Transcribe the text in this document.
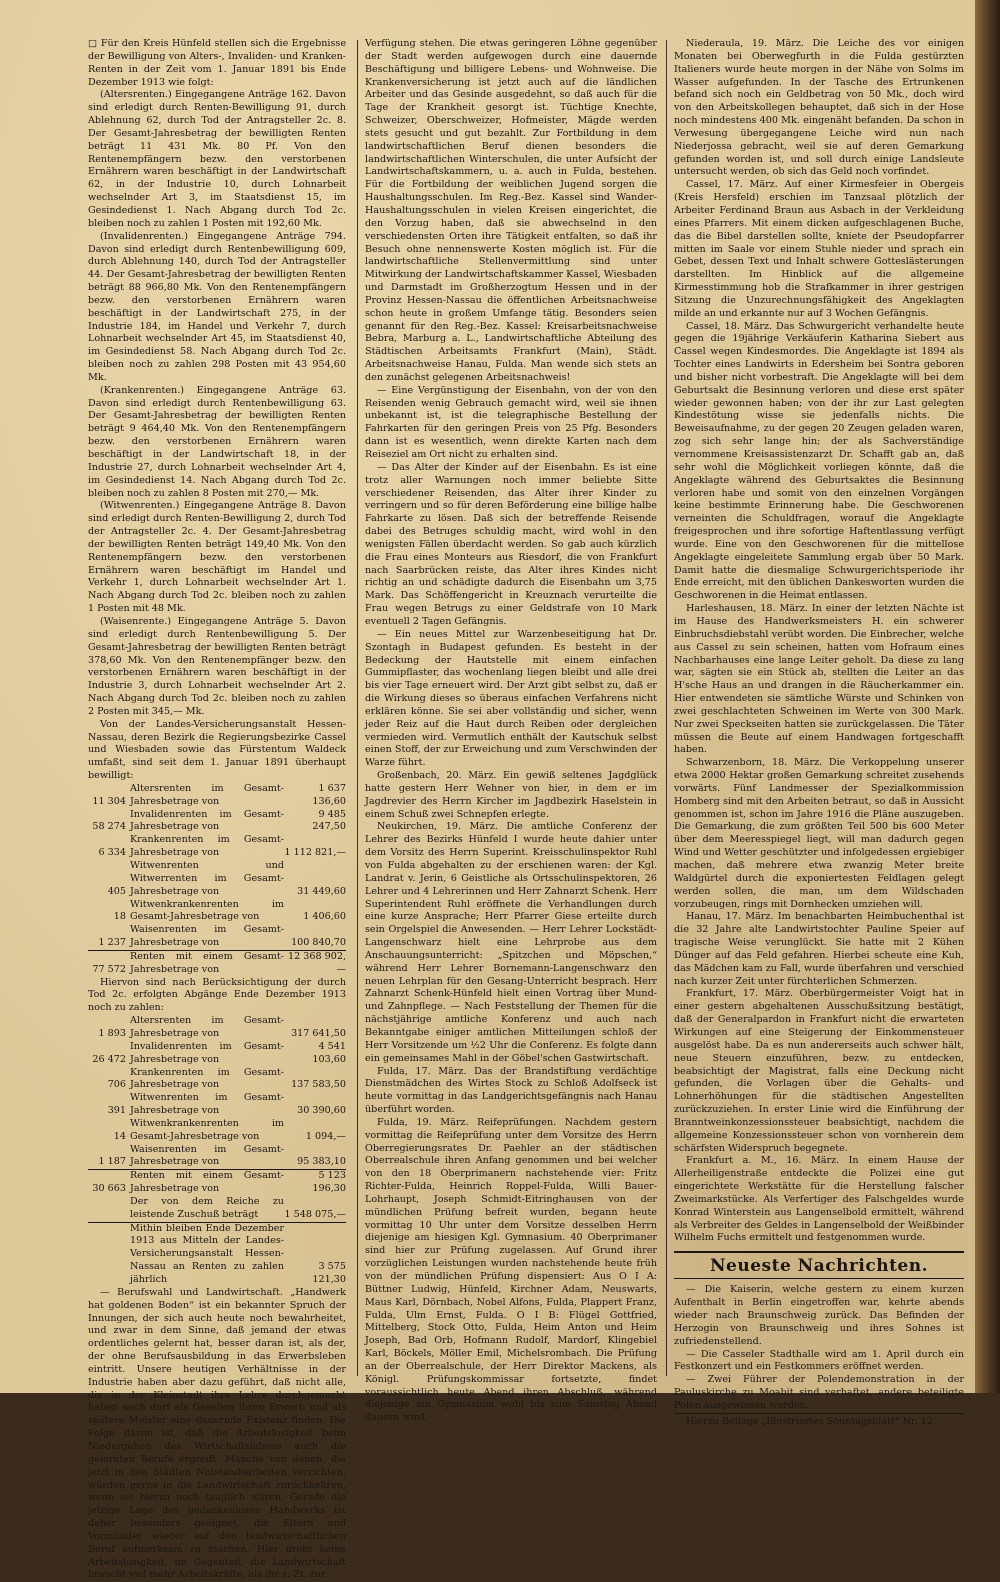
□ Für den Kreis Hünfeld stellen sich die Ergebnisse der Bewilligung von Alters-, Invaliden- und Kranken-Renten in der Zeit vom 1. Januar 1891 bis Ende Dezember 1913 wie folgt:

(Altersrenten.) Eingegangene Anträge 162. Davon sind erledigt durch Renten-Bewilligung 91, durch Ablehnung 62, durch Tod der Antragsteller 2c. 8. Der Gesamt-Jahresbetrag der bewilligten Renten beträgt 11 431 Mk. 80 Pf. Von den Rentenempfängern bezw. den verstorbenen Ernährern waren beschäftigt in der Landwirtschaft 62, in der Industrie 10, durch Lohnarbeit wechselnder Art 3, im Staatsdienst 15, im Gesindedienst 1. Nach Abgang durch Tod 2c. bleiben noch zu zahlen 1 Posten mit 192,60 Mk.

(Invalidenrenten.) Eingegangene Anträge 794. Davon sind erledigt durch Rentenbewilligung 609, durch Ablehnung 140, durch Tod der Antragsteller 44. Der Gesamt-Jahresbetrag der bewilligten Renten beträgt 88 966,80 Mk. Von den Rentenempfängern bezw. den verstorbenen Ernährern waren beschäftigt in der Landwirtschaft 275, in der Industrie 184, im Handel und Verkehr 7, durch Lohnarbeit wechselnder Art 45, im Staatsdienst 40, im Gesindedienst 58. Nach Abgang durch Tod 2c. bleiben noch zu zahlen 298 Posten mit 43 954,60 Mk.

(Krankenrenten.) Eingegangene Anträge 63. Davon sind erledigt durch Rentenbewilligung 63. Der Gesamt-Jahresbetrag der bewilligten Renten beträgt 9 464,40 Mk. Von den Rentenempfängern bezw. den verstorbenen Ernährern waren beschäftigt in der Landwirtschaft 18, in der Industrie 27, durch Lohnarbeit wechselnder Art 4, im Gesindedienst 14. Nach Abgang durch Tod 2c. bleiben noch zu zahlen 8 Posten mit 270,— Mk.

(Witwenrenten.) Eingegangene Anträge 8. Davon sind erledigt durch Renten-Bewilligung 2, durch Tod der Antragsteller 2c. 4. Der Gesamt-Jahresbetrag der bewilligten Renten beträgt 149,40 Mk. Von den Rentenempfängern bezw. den verstorbenen Ernährern waren beschäftigt im Handel und Verkehr 1, durch Lohnarbeit wechselnder Art 1. Nach Abgang durch Tod 2c. bleiben noch zu zahlen 1 Posten mit 48 Mk.

(Waisenrente.) Eingegangene Anträge 5. Davon sind erledigt durch Rentenbewilligung 5. Der Gesamt-Jahresbetrag der bewilligten Renten beträgt 378,60 Mk. Von den Rentenempfänger bezw. den verstorbenen Ernährern waren beschäftigt in der Industrie 3, durch Lohnarbeit wechselnder Art 2. Nach Abgang durch Tod 2c. bleiben noch zu zahlen 2 Posten mit 345,— Mk.

Von der Landes-Versicherungsanstalt Hessen-Nassau, deren Bezirk die Regierungsbezirke Cassel und Wiesbaden sowie das Fürstentum Waldeck umfaßt, sind seit dem 1. Januar 1891 überhaupt bewilligt:

11 304	Altersrenten im Gesamt-Jahresbetrage von	1 637 136,60
58 274	Invalidenrenten im Gesamt-Jahresbetrage von	9 485 247,50
6 334	Krankenrenten im Gesamt-Jahresbetrage von	1 112 821,—
405	Witwenrenten und Witwerrenten im Gesamt-Jahresbetrage von	31 449,60
18	Witwenkrankenrenten im Gesamt-Jahresbetrage von	1 406,60
1 237	Waisenrenten im Gesamt-Jahresbetrage von	100 840,70
77 572	Renten mit einem Gesamt-Jahresbetrage von	12 368 902,—

Hiervon sind nach Berücksichtigung der durch Tod 2c. erfolgten Abgänge Ende Dezember 1913 noch zu zahlen:

1 893	Altersrenten im Gesamt-Jahresbetrage von	317 641,50
26 472	Invalidenrenten im Gesamt-Jahresbetrage von	4 541 103,60
706	Krankenrenten im Gesamt-Jahresbetrage von	137 583,50
391	Witwenrenten im Gesamt-Jahresbetrage von	30 390,60
14	Witwenkrankenrenten im Gesamt-Jahresbetrage von	1 094,—
1 187	Waisenrenten im Gesamt-Jahresbetrage von	95 383,10
30 663	Renten mit einem Gesamt-Jahresbetrage von	5 123 196,30
	Der von dem Reiche zu leistende Zuschuß beträgt	1 548 075,—
	Mithin bleiben Ende Dezember 1913 aus Mitteln der Landes-Versicherungsanstalt Hessen-Nassau an Renten zu zahlen jährlich	3 575 121,30

— Berufswahl und Landwirtschaft. „Handwerk hat goldenen Boden“ ist ein bekannter Spruch der Innungen, der sich auch heute noch bewahrheitet, und zwar in dem Sinne, daß jemand der etwas ordentliches gelernt hat, besser daran ist, als der, der ohne Berufsausbildung in das Erwerbsleben eintritt. Unsere heutigen Verhältnisse in der Industrie haben aber dazu geführt, daß nicht alle, die in der Kleinstadt ihre Lehre durchgemacht haben auch dort als Gesellen ihren Erwerb und als spätere Meister eine dauernde Existenz finden. Die Folge davon ist, daß die Arbeitslosigkeit beim Niedergehen des Wirtschaftslebens auch die gelernten Berufe ergreift. Manche von denen, die jetzt in den Städten Notstandsarbeiten verrichten, würden gerne in die Landwirtschaft zurückkehren, wenn sie hierzu noch tauglich wären. Gerade die jetzige Lage des gedankenlosen Handwerks ist daher besonders geeignet, die Eltern und Vormünder wieder auf den landwirtschaftlichen Beruf aufmerksam zu machen. Hier droht keine Arbeitslosigkeit, im Gegenteil, die Landwirtschaft braucht viel mehr Arbeitskräfte, als ihr z. Zt. zur

Verfügung stehen. Die etwas geringeren Löhne gegenüber der Stadt werden aufgewogen durch eine dauernde Beschäftigung und billigere Lebens- und Wohnweise. Die Krankenversicherung ist jetzt auch auf die ländlichen Arbeiter und das Gesinde ausgedehnt, so daß auch für die Tage der Krankheit gesorgt ist. Tüchtige Knechte, Schweizer, Oberschweizer, Hofmeister, Mägde werden stets gesucht und gut bezahlt. Zur Fortbildung in dem landwirtschaftlichen Beruf dienen besonders die landwirtschaftlichen Winterschulen, die unter Aufsicht der Landwirtschaftskammern, u. a. auch in Fulda, bestehen. Für die Fortbildung der weiblichen Jugend sorgen die Haushaltungsschulen. Im Reg.-Bez. Kassel sind Wander-Haushaltungsschulen in vielen Kreisen eingerichtet, die den Vorzug haben, daß sie abwechselnd in den verschiedensten Orten ihre Tätigkeit entfalten, so daß ihr Besuch ohne nennenswerte Kosten möglich ist. Für die landwirtschaftliche Stellenvermittlung sind unter Mitwirkung der Landwirtschaftskammer Kassel, Wiesbaden und Darmstadt im Großherzogtum Hessen und in der Provinz Hessen-Nassau die öffentlichen Arbeitsnachweise schon heute in großem Umfange tätig. Besonders seien genannt für den Reg.-Bez. Kassel: Kreisarbeitsnachweise Bebra, Marburg a. L., Landwirtschaftliche Abteilung des Städtischen Arbeitsamts Frankfurt (Main), Städt. Arbeitsnachweise Hanau, Fulda. Man wende sich stets an den zunächst gelegenen Arbeitsnachweis!

— Eine Vergünstigung der Eisenbahn, von der von den Reisenden wenig Gebrauch gemacht wird, weil sie ihnen unbekannt ist, ist die telegraphische Bestellung der Fahrkarten für den geringen Preis von 25 Pfg. Besonders dann ist es wesentlich, wenn direkte Karten nach dem Reiseziel am Ort nicht zu erhalten sind.

— Das Alter der Kinder auf der Eisenbahn. Es ist eine trotz aller Warnungen noch immer beliebte Sitte verschiedener Reisenden, das Alter ihrer Kinder zu verringern und so für deren Beförderung eine billige halbe Fahrkarte zu lösen. Daß sich der betreffende Reisende dabei des Betruges schuldig macht, wird wohl in den wenigsten Fällen überdacht werden. So gab auch kürzlich die Frau eines Monteurs aus Riesdorf, die von Frankfurt nach Saarbrücken reiste, das Alter ihres Kindes nicht richtig an und schädigte dadurch die Eisenbahn um 3,75 Mark. Das Schöffengericht in Kreuznach verurteilte die Frau wegen Betrugs zu einer Geldstrafe von 10 Mark eventuell 2 Tagen Gefängnis.

— Ein neues Mittel zur Warzenbeseitigung hat Dr. Szontagh in Budapest gefunden. Es besteht in der Bedeckung der Hautstelle mit einem einfachen Gummipflaster, das wochenlang liegen bleibt und alle drei bis vier Tage erneuert wird. Der Arzt gibt selbst zu, daß er die Wirkung dieses so überaus einfachen Verfahrens nicht erklären könne. Sie sei aber vollständig und sicher, wenn jeder Reiz auf die Haut durch Reiben oder dergleichen vermieden wird. Vermutlich enthält der Kautschuk selbst einen Stoff, der zur Erweichung und zum Verschwinden der Warze führt.

Großenbach, 20. März. Ein gewiß seltenes Jagdglück hatte gestern Herr Wehner von hier, in dem er im Jagdrevier des Herrn Kircher im Jagdbezirk Haselstein in einem Schuß zwei Schnepfen erlegte.

Neukirchen, 19. März. Die amtliche Conferenz der Lehrer des Bezirks Hünfeld I wurde heute dahier unter dem Vorsitz des Herrn Superint. Kreisschulinspektor Ruhl von Fulda abgehalten zu der erschienen waren: der Kgl. Landrat v. Jerin, 6 Geistliche als Ortsschulinspektoren, 26 Lehrer und 4 Lehrerinnen und Herr Zahnarzt Schenk. Herr Superintendent Ruhl eröffnete die Verhandlungen durch eine kurze Ansprache; Herr Pfarrer Giese erteilte durch sein Orgelspiel die Anwesenden. — Herr Lehrer Lockstädt-Langenschwarz hielt eine Lehrprobe aus dem Anschauungsunterricht: „Spitzchen und Möpschen,“ während Herr Lehrer Bornemann-Langenschwarz den neuen Lehrplan für den Gesang-Unterricht besprach. Herr Zahnarzt Schenk-Hünfeld hielt einen Vortrag über Mund- und Zahnpflege. — Nach Feststellung der Themen für die nächstjährige amtliche Konferenz und auch nach Bekanntgabe einiger amtlichen Mitteilungen schloß der Herr Vorsitzende um ½2 Uhr die Conferenz. Es folgte dann ein gemeinsames Mahl in der Göbel'schen Gastwirtschaft.

Fulda, 17. März. Das der Brandstiftung verdächtige Dienstmädchen des Wirtes Stock zu Schloß Adolfseck ist heute vormittag in das Landgerichtsgefängnis nach Hanau überführt worden.

Fulda, 19. März. Reifeprüfungen. Nachdem gestern vormittag die Reifeprüfung unter dem Vorsitze des Herrn Oberregierungsrates Dr. Paehler an der städtischen Oberrealschule ihren Anfang genommen und bei welcher von den 18 Oberprimanern nachstehende vier: Fritz Richter-Fulda, Heinrich Roppel-Fulda, Willi Bauer-Lohrhaupt, Joseph Schmidt-Eitringhausen von der mündlichen Prüfung befreit wurden, begann heute vormittag 10 Uhr unter dem Vorsitze desselben Herrn diejenige am hiesigen Kgl. Gymnasium. 40 Oberprimaner sind hier zur Prüfung zugelassen. Auf Grund ihrer vorzüglichen Leistungen wurden nachstehende heute früh von der mündlichen Prüfung dispensiert: Aus O I A: Büttner Ludwig, Hünfeld, Kirchner Adam, Neuswarts, Maus Karl, Dörnbach, Nobel Alfons, Fulda, Plappert Franz, Fulda, Ulm Ernst, Fulda. O I B: Flügel Gottfried, Mittelberg, Stock Otto, Fulda, Heim Anton und Heim Joseph, Bad Orb, Hofmann Rudolf, Mardorf, Klingebiel Karl, Böckels, Möller Emil, Michelsrombach. Die Prüfung an der Oberrealschule, der Herr Direktor Mackens, als Königl. Prüfungskommissar fortsetzte, findet voraussichtlich heute Abend ihren Abschluß, während diejenige am Gymnasium wohl bis zum Samstag Abend dauern wird.

Niederaula, 19. März. Die Leiche des vor einigen Monaten bei Oberwegfurth in die Fulda gestürzten Italieners wurde heute morgen in der Nähe von Solms im Wasser aufgefunden. In der Tasche des Ertrunkenen befand sich noch ein Geldbetrag von 50 Mk., doch wird von den Arbeitskollegen behauptet, daß sich in der Hose noch mindestens 400 Mk. eingenäht befanden. Da schon in Verwesung übergegangene Leiche wird nun nach Niederjossa gebracht, weil sie auf deren Gemarkung gefunden worden ist, und soll durch einige Landsleute untersucht werden, ob sich das Geld noch vorfindet.

Cassel, 17. März. Auf einer Kirmesfeier in Obergeis (Kreis Hersfeld) erschien im Tanzsaal plötzlich der Arbeiter Ferdinand Braun aus Asbach in der Verkleidung eines Pfarrers. Mit einem dicken aufgeschlagenen Buche, das die Bibel darstellen sollte, kniete der Pseudopfarrer mitten im Saale vor einem Stuhle nieder und sprach ein Gebet, dessen Text und Inhalt schwere Gotteslästerungen darstellten. Im Hinblick auf die allgemeine Kirmesstimmung hob die Strafkammer in ihrer gestrigen Sitzung die Unzurechnungsfähigkeit des Angeklagten milde an und erkannte nur auf 3 Wochen Gefängnis.

Cassel, 18. März. Das Schwurgericht verhandelte heute gegen die 19jährige Verkäuferin Katharina Siebert aus Cassel wegen Kindesmordes. Die Angeklagte ist 1894 als Tochter eines Landwirts in Edersheim bei Sontra geboren und bisher nicht vorbestraft. Die Angeklagte will bei dem Geburtsakt die Besinnung verloren und diese erst später wieder gewonnen haben; von der ihr zur Last gelegten Kindestötung wisse sie jedenfalls nichts. Die Beweisaufnahme, zu der gegen 20 Zeugen geladen waren, zog sich sehr lange hin; der als Sachverständige vernommene Kreisassistenzarzt Dr. Schafft gab an, daß sehr wohl die Möglichkeit vorliegen könnte, daß die Angeklagte während des Geburtsaktes die Besinnung verloren habe und somit von den einzelnen Vorgängen keine bestimmte Erinnerung habe. Die Geschworenen verneinten die Schuldfragen, worauf die Angeklagte freigesprochen und ihre sofortige Haftentlassung verfügt wurde. Eine von den Geschworenen für die mittellose Angeklagte eingeleitete Sammlung ergab über 50 Mark. Damit hatte die diesmalige Schwurgerichtsperiode ihr Ende erreicht, mit den üblichen Dankesworten wurden die Geschworenen in die Heimat entlassen.

Harleshausen, 18. März. In einer der letzten Nächte ist im Hause des Handwerksmeisters H. ein schwerer Einbruchsdiebstahl verübt worden. Die Einbrecher, welche aus Cassel zu sein scheinen, hatten vom Hofraum eines Nachbarhauses eine lange Leiter geholt. Da diese zu lang war, sägten sie ein Stück ab, stellten die Leiter an das H'sche Haus an und drangen in die Räucherkammer ein. Hier entwendeten sie sämtliche Würste und Schinken von zwei geschlachteten Schweinen im Werte von 300 Mark. Nur zwei Speckseiten hatten sie zurückgelassen. Die Täter müssen die Beute auf einem Handwagen fortgeschafft haben.

Schwarzenborn, 18. März. Die Verkoppelung unserer etwa 2000 Hektar großen Gemarkung schreitet zusehends vorwärts. Fünf Landmesser der Spezialkommission Homberg sind mit den Arbeiten betraut, so daß in Aussicht genommen ist, schon im Jahre 1916 die Pläne auszugeben. Die Gemarkung, die zum größten Teil 500 bis 600 Meter über dem Meeresspiegel liegt, will man dadurch gegen Wind und Wetter geschützter und infolgedessen ergiebiger machen, daß mehrere etwa zwanzig Meter breite Waldgürtel durch die exponiertesten Feldlagen gelegt werden sollen, die man, um dem Wildschaden vorzubeugen, rings mit Dornhecken umziehen will.

Hanau, 17. März. Im benachbarten Heimbuchenthal ist die 32 Jahre alte Landwirtstochter Pauline Speier auf tragische Weise verunglückt. Sie hatte mit 2 Kühen Dünger auf das Feld gefahren. Hierbei scheute eine Kuh, das Mädchen kam zu Fall, wurde überfahren und verschied nach kurzer Zeit unter fürchterlichen Schmerzen.

Frankfurt, 17. März. Oberbürgermeister Voigt hat in einer gestern abgehaltenen Ausschußsitzung bestätigt, daß der Generalpardon in Frankfurt nicht die erwarteten Wirkungen auf eine Steigerung der Einkommensteuer ausgelöst habe. Da es nun andererseits auch schwer hält, neue Steuern einzuführen, bezw. zu entdecken, beabsichtigt der Magistrat, falls eine Deckung nicht gefunden, die Vorlagen über die Gehalts- und Lohnerhöhungen für die städtischen Angestellten zurückzuziehen. In erster Linie wird die Einführung der Branntweinkonzessionssteuer beabsichtigt, nachdem die allgemeine Konzessionssteuer schon von vornherein dem schärfsten Widerspruch begegnete.

Frankfurt a. M., 16. März. In einem Hause der Allerheiligenstraße entdeckte die Polizei eine gut eingerichtete Werkstätte für die Herstellung falscher Zweimarkstücke. Als Verfertiger des Falschgeldes wurde Konrad Winterstein aus Langenselbold ermittelt, während als Verbreiter des Geldes in Langenselbold der Weißbinder Wilhelm Fuchs ermittelt und festgenommen wurde.

Neueste Nachrichten.

— Die Kaiserin, welche gestern zu einem kurzen Aufenthalt in Berlin eingetroffen war, kehrte abends wieder nach Braunschweig zurück. Das Befinden der Herzogin von Braunschweig und ihres Sohnes ist zufriedenstellend.

— Die Casseler Stadthalle wird am 1. April durch ein Festkonzert und ein Festkommers eröffnet werden.

— Zwei Führer der Polendemonstration in der Pauluskirche zu Moabit sind verhaftet, andere beteiligte Polen ausgewiesen worden.

Hierzu Beilage „Illustriertes Sonntagsblatt“ Nr. 12.
